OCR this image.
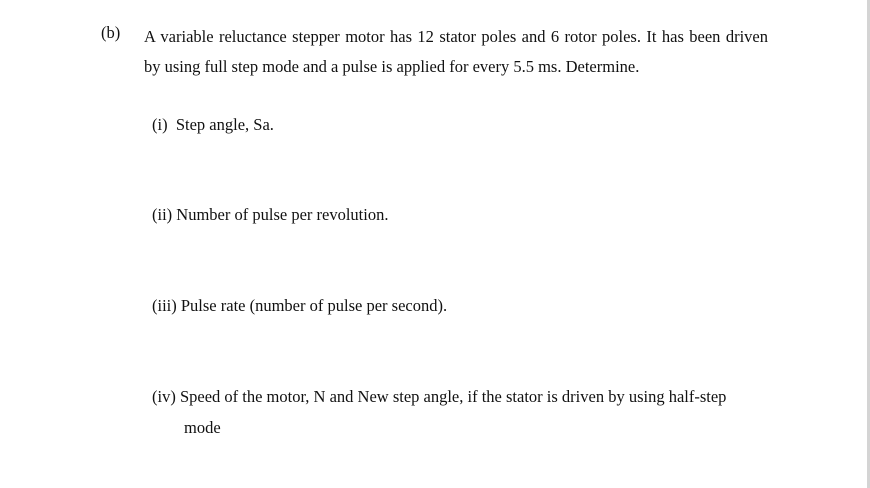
(b) A variable reluctance stepper motor has 12 stator poles and 6 rotor poles. It has been driven by using full step mode and a pulse is applied for every 5.5 ms. Determine.
(i) Step angle, Sa.
(ii) Number of pulse per revolution.
(iii) Pulse rate (number of pulse per second).
(iv) Speed of the motor, N and New step angle, if the stator is driven by using half-step
mode
